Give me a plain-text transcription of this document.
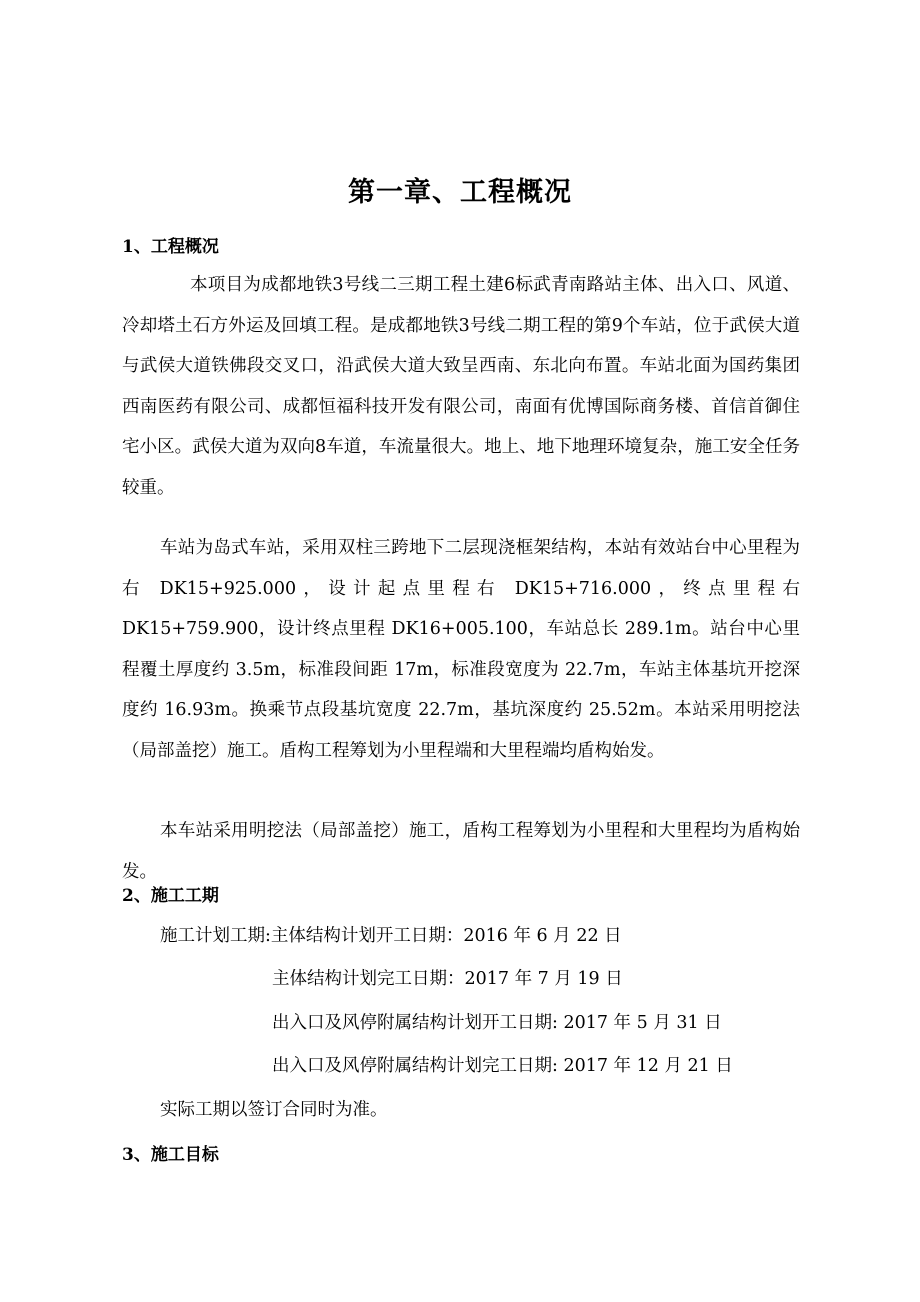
第一章、工程概况
1、工程概况
本项目为成都地铁3号线二三期工程土建6标武青南路站主体、出入口、风道、冷却塔土石方外运及回填工程。是成都地铁3号线二期工程的第9个车站，位于武侯大道与武侯大道铁佛段交叉口，沿武侯大道大致呈西南、东北向布置。车站北面为国药集团西南医药有限公司、成都恒福科技开发有限公司，南面有优博国际商务楼、首信首御住宅小区。武侯大道为双向8车道，车流量很大。地上、地下地理环境复杂，施工安全任务较重。
车站为岛式车站，采用双柱三跨地下二层现浇框架结构，本站有效站台中心里程为右 DK15+925.000，设计起点里程右 DK15+716.000，终点里程右 DK15+759.900，设计终点里程 DK16+005.100，车站总长 289.1m。站台中心里程覆土厚度约 3.5m，标准段间距 17m，标准段宽度为 22.7m，车站主体基坑开挖深度约 16.93m。换乘节点段基坑宽度 22.7m，基坑深度约 25.52m。本站采用明挖法（局部盖挖）施工。盾构工程筹划为小里程端和大里程端均盾构始发。
本车站采用明挖法（局部盖挖）施工，盾构工程筹划为小里程和大里程均为盾构始发。
2、施工工期
施工计划工期:主体结构计划开工日期：2016 年 6 月 22 日
主体结构计划完工日期：2017 年 7 月 19 日
出入口及风停附属结构计划开工日期: 2017 年 5 月 31 日
出入口及风停附属结构计划完工日期: 2017 年 12 月 21 日
实际工期以签订合同时为准。
3、施工目标
